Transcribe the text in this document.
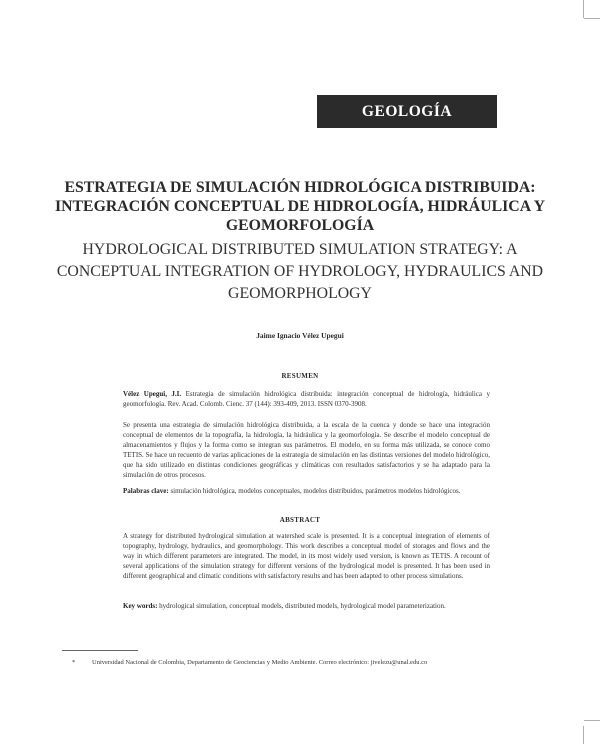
GEOLOGÍA
ESTRATEGIA DE SIMULACIÓN HIDROLÓGICA DISTRIBUIDA:
INTEGRACIÓN CONCEPTUAL DE HIDROLOGÍA, HIDRÁULICA Y
GEOMORFOLOGÍA
HYDROLOGICAL DISTRIBUTED SIMULATION STRATEGY: A
CONCEPTUAL INTEGRATION OF HYDROLOGY, HYDRAULICS AND
GEOMORPHOLOGY
Jaime Ignacio Vélez Upegui
RESUMEN
Vélez Upegui, J.I. Estrategia de simulación hidrológica distribuida: integración conceptual de hidrología, hidráulica y geomorfología. Rev. Acad. Colomb. Cienc. 37 (144): 393-409, 2013. ISSN 0370-3908.
Se presenta una estrategia de simulación hidrológica distribuida, a la escala de la cuenca y donde se hace una integración conceptual de elementos de la topografía, la hidrología, la hidráulica y la geomorfología. Se describe el modelo conceptual de almacenamientos y flujos y la forma como se integran sus parámetros. El modelo, en su forma más utilizada, se conoce como TETIS. Se hace un recuento de varias aplicaciones de la estrategia de simulación en las distintas versiones del modelo hidrológico, que ha sido utilizado en distintas condiciones geográficas y climáticas con resultados satisfactorios y se ha adaptado para la simulación de otros procesos.
Palabras clave: simulación hidrológica, modelos conceptuales, modelos distribuidos, parámetros modelos hidrológicos.
ABSTRACT
A strategy for distributed hydrological simulation at watershed scale is presented. It is a conceptual integration of elements of topography, hydrology, hydraulics, and geomorphology. This work describes a conceptual model of storages and flows and the way in which different parameters are integrated. The model, in its most widely used version, is known as TETIS. A recount of several applications of the simulation strategy for different versions of the hydrological model is presented. It has been used in different geographical and climatic conditions with satisfactory results and has been adapted to other process simulations.
Key words: hydrological simulation, conceptual models, distributed models, hydrological model parameterization.
*	Universidad Nacional de Colombia, Departamento de Geociencias y Medio Ambiente. Correo electrónico: jivelezu@unal.edu.co
